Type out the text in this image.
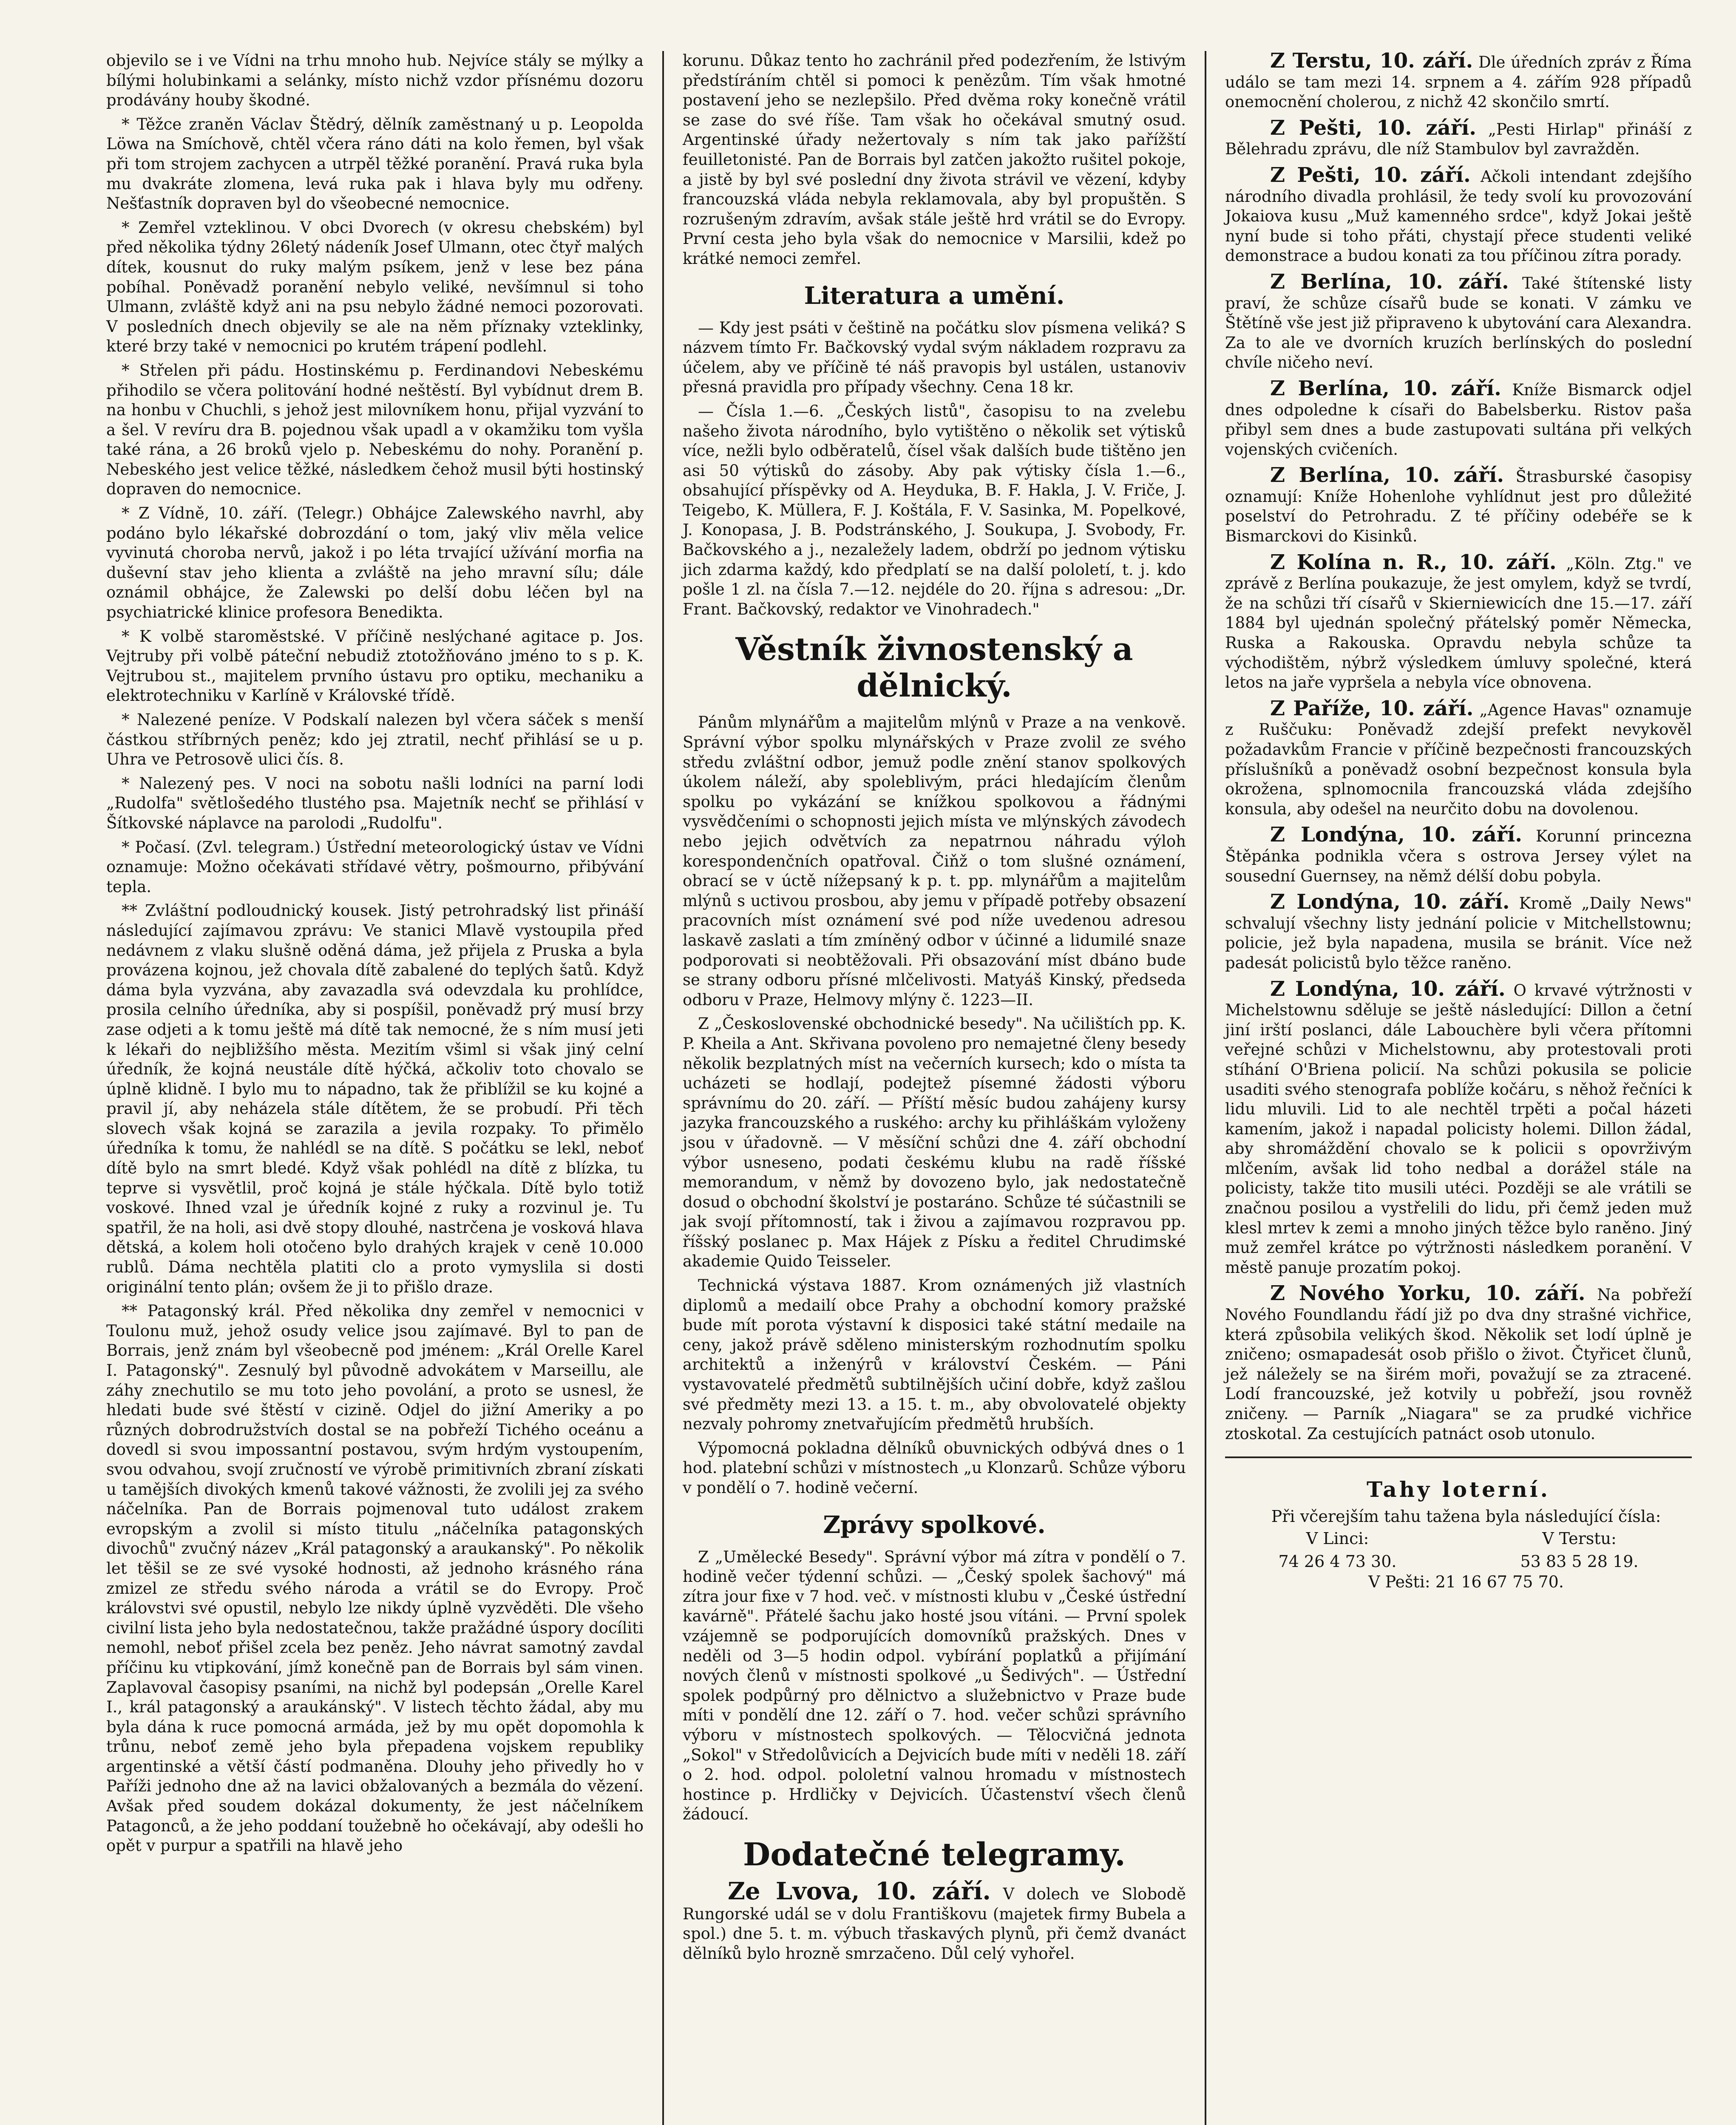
objevilo se i ve Vídni na trhu mnoho hub. Nejvíce stály se mýlky a bílými holubinkami a selánky, místo nichž vzdor přísnému dozoru prodávány houby škodné.

* Těžce zraněn Václav Štědrý, dělník zaměstnaný u p. Leopolda Löwa na Smíchově, chtěl včera ráno dáti na kolo řemen, byl však při tom strojem zachycen a utrpěl těžké poranění. Pravá ruka byla mu dvakráte zlomena, levá ruka pak i hlava byly mu odřeny. Nešťastník dopraven byl do všeobecné nemocnice.

* Zemřel vzteklinou. V obci Dvorech (v okresu chebském) byl před několika týdny 26letý nádeník Josef Ulmann, otec čtyř malých dítek, kousnut do ruky malým psíkem, jenž v lese bez pána pobíhal. Poněvadž poranění nebylo veliké, nevšímnul si toho Ulmann, zvláště když ani na psu nebylo žádné nemoci pozorovati. V posledních dnech objevily se ale na něm příznaky vzteklinky, které brzy také v nemocnici po krutém trápení podlehl.

* Střelen při pádu. Hostinskému p. Ferdinandovi Nebeskému přihodilo se včera politování hodné neštěstí. Byl vybídnut drem B. na honbu v Chuchli, s jehož jest milovníkem honu, přijal vyzvání to a šel. V revíru dra B. pojednou však upadl a v okamžiku tom vyšla také rána, a 26 broků vjelo p. Nebeskému do nohy. Poranění p. Nebeského jest velice těžké, následkem čehož musil býti hostinský dopraven do nemocnice.

* Z Vídně, 10. září. (Telegr.) Obhájce Zalewského navrhl, aby podáno bylo lékařské dobrozdání o tom, jaký vliv měla velice vyvinutá choroba nervů, jakož i po léta trvající užívání morfia na duševní stav jeho klienta a zvláště na jeho mravní sílu; dále oznámil obhájce, že Zalewski po delší dobu léčen byl na psychiatrické klinice profesora Benedikta.

* K volbě staroměstské. V příčině neslýchané agitace p. Jos. Vejtruby při volbě páteční nebudiž ztotožňováno jméno to s p. K. Vejtrubou st., majitelem prvního ústavu pro optiku, mechaniku a elektrotechniku v Karlíně v Královské třídě.

* Nalezené peníze. V Podskalí nalezen byl včera sáček s menší částkou stříbrných peněz; kdo jej ztratil, nechť přihlásí se u p. Uhra ve Petrosově ulici čís. 8.

* Nalezený pes. V noci na sobotu našli lodníci na parní lodi „Rudolfa" světlošedého tlustého psa. Majetník nechť se přihlásí v Šítkovské náplavce na parolodi „Rudolfu".

* Počasí. (Zvl. telegram.) Ústřední meteorologický ústav ve Vídni oznamuje: Možno očekávati střídavé větry, pošmourno, přibývání tepla.

** Zvláštní podloudnický kousek. Jistý petrohradský list přináší následující zajímavou zprávu: Ve stanici Mlavě vystoupila před nedávnem z vlaku slušně oděná dáma, jež přijela z Pruska a byla provázena kojnou, jež chovala dítě zabalené do teplých šatů. Když dáma byla vyzvána, aby zavazadla svá odevzdala ku prohlídce, prosila celního úředníka, aby si pospíšil, poněvadž prý musí brzy zase odjeti a k tomu ještě má dítě tak nemocné, že s ním musí jeti k lékaři do nejbližšího města. Mezitím všiml si však jiný celní úředník, že kojná neustále dítě hýčká, ačkoliv toto chovalo se úplně klidně. I bylo mu to nápadno, tak že přiblížil se ku kojné a pravil jí, aby neházela stále dítětem, že se probudí. Při těch slovech však kojná se zarazila a jevila rozpaky. To přimělo úředníka k tomu, že nahlédl se na dítě. S počátku se lekl, neboť dítě bylo na smrt bledé. Když však pohlédl na dítě z blízka, tu teprve si vysvětlil, proč kojná je stále hýčkala. Dítě bylo totiž voskové. Ihned vzal je úředník kojné z ruky a rozvinul je. Tu spatřil, že na holi, asi dvě stopy dlouhé, nastrčena je vosková hlava dětská, a kolem holi otočeno bylo drahých krajek v ceně 10.000 rublů. Dáma nechtěla platiti clo a proto vymyslila si dosti originální tento plán; ovšem že ji to přišlo draze.

** Patagonský král. Před několika dny zemřel v nemocnici v Toulonu muž, jehož osudy velice jsou zajímavé. Byl to pan de Borrais, jenž znám byl všeobecně pod jménem: „Král Orelle Karel I. Patagonský". Zesnulý byl původně advokátem v Marseillu, ale záhy znechutilo se mu toto jeho povolání, a proto se usnesl, že hledati bude své štěstí v cizině. Odjel do jižní Ameriky a po různých dobrodružstvích dostal se na pobřeží Tichého oceánu a dovedl si svou impossantní postavou, svým hrdým vystoupením, svou odvahou, svojí zručností ve výrobě primitivních zbraní získati u tamějších divokých kmenů takové vážnosti, že zvolili jej za svého náčelníka. Pan de Borrais pojmenoval tuto událost zrakem evropským a zvolil si místo titulu „náčelníka patagonských divochů" zvučný název „Král patagonský a araukanský". Po několik let těšil se ze své vysoké hodnosti, až jednoho krásného rána zmizel ze středu svého národa a vrátil se do Evropy. Proč královstvi své opustil, nebylo lze nikdy úplně vyzvěděti. Dle všeho civilní lista jeho byla nedostatečnou, takže pražádné úspory docíliti nemohl, neboť přišel zcela bez peněz. Jeho návrat samotný zavdal příčinu ku vtipkování, jímž konečně pan de Borrais byl sám vinen. Zaplavoval časopisy psaními, na nichž byl podepsán „Orelle Karel I., král patagonský a araukánský". V listech těchto žádal, aby mu byla dána k ruce pomocná armáda, jež by mu opět dopomohla k trůnu, neboť země jeho byla přepadena vojskem republiky argentinské a větší částí podmaněna. Dlouhy jeho přivedly ho v Paříži jednoho dne až na lavici obžalovaných a bezmála do vězení. Avšak před soudem dokázal dokumenty, že jest náčelníkem Patagonců, a že jeho poddaní toužebně ho očekávají, aby odešli ho opět v purpur a spatřili na hlavě jeho

korunu. Důkaz tento ho zachránil před podezřením, že lstivým předstíráním chtěl si pomoci k penězům. Tím však hmotné postavení jeho se nezlepšilo. Před dvěma roky konečně vrátil se zase do své říše. Tam však ho očekával smutný osud. Argentinské úřady nežertovaly s ním tak jako pařížští feuilletonisté. Pan de Borrais byl zatčen jakožto rušitel pokoje, a jistě by byl své poslední dny života strávil ve vězení, kdyby francouzská vláda nebyla reklamovala, aby byl propuštěn. S rozrušeným zdravím, avšak stále ještě hrd vrátil se do Evropy. První cesta jeho byla však do nemocnice v Marsilii, kdež po krátké nemoci zemřel.

Literatura a umění.

— Kdy jest psáti v češtině na počátku slov písmena veliká? S názvem tímto Fr. Bačkovský vydal svým nákladem rozpravu za účelem, aby ve příčině té náš pravopis byl ustálen, ustanoviv přesná pravidla pro případy všechny. Cena 18 kr.

— Čísla 1.—6. „Českých listů", časopisu to na zvelebu našeho života národního, bylo vytištěno o několik set výtisků více, nežli bylo odběratelů, čísel však dalších bude tištěno jen asi 50 výtisků do zásoby. Aby pak výtisky čísla 1.—6., obsahující příspěvky od A. Heyduka, B. F. Hakla, J. V. Friče, J. Teigebo, K. Müllera, F. J. Koštála, F. V. Sasinka, M. Popelkové, J. Konopasa, J. B. Podstránského, J. Soukupa, J. Svobody, Fr. Bačkovského a j., nezaležely ladem, obdrží po jednom výtisku jich zdarma každý, kdo předplatí se na další pololetí, t. j. kdo pošle 1 zl. na čísla 7.—12. nejdéle do 20. října s adresou: „Dr. Frant. Bačkovský, redaktor ve Vinohradech."

Věstník živnostenský a dělnický.

Pánům mlynářům a majitelům mlýnů v Praze a na venkově. Správní výbor spolku mlynářských v Praze zvolil ze svého středu zvláštní odbor, jemuž podle znění stanov spolkových úkolem náleží, aby spoleblivým, práci hledajícím členům spolku po vykázání se knížkou spolkovou a řádnými vysvědčeními o schopnosti jejich místa ve mlýnských závodech nebo jejich odvětvích za nepatrnou náhradu výloh korespondenčních opatřoval. Čiňž o tom slušné oznámení, obrací se v úctě nížepsaný k p. t. pp. mlynářům a majitelům mlýnů s uctivou prosbou, aby jemu v případě potřeby obsazení pracovních míst oznámení své pod níže uvedenou adresou laskavě zaslati a tím zmíněný odbor v účinné a lidumilé snaze podporovati si neobtěžovali. Při obsazování míst dbáno bude se strany odboru přísné mlčelivosti. Matyáš Kinský, předseda odboru v Praze, Helmovy mlýny č. 1223—II.

Z „Československé obchodnické besedy". Na učilištích pp. K. P. Kheila a Ant. Skřivana povoleno pro nemajetné členy besedy několik bezplatných míst na večerních kursech; kdo o místa ta ucházeti se hodlají, podejtež písemné žádosti výboru správnímu do 20. září. — Příští měsíc budou zahájeny kursy jazyka francouzského a ruského: archy ku přihláškám vyloženy jsou v úřadovně. — V měsíční schůzi dne 4. září obchodní výbor usneseno, podati českému klubu na radě říšské memorandum, v němž by dovozeno bylo, jak nedostatečně dosud o obchodní školství je postaráno. Schůze té súčastnili se jak svojí přítomností, tak i živou a zajímavou rozpravou pp. říšský poslanec p. Max Hájek z Písku a ředitel Chrudimské akademie Quido Teisseler.

Technická výstava 1887. Krom oznámených již vlastních diplomů a medailí obce Prahy a obchodní komory pražské bude mít porota výstavní k disposici také státní medaile na ceny, jakož právě sděleno ministerským rozhodnutím spolku architektů a inženýrů v království Českém. — Páni vystavovatelé předmětů subtilnějších učiní dobře, když zašlou své předměty mezi 13. a 15. t. m., aby obvolovatelé objekty nezvaly pohromy znetvařujícím předmětů hrubších.

Výpomocná pokladna dělníků obuvnických odbývá dnes o 1 hod. platební schůzi v místnostech „u Klonzarů. Schůze výboru v pondělí o 7. hodině večerní.

Zprávy spolkové.

Z „Umělecké Besedy". Správní výbor má zítra v pondělí o 7. hodině večer týdenní schůzi. — „Český spolek šachový" má zítra jour fixe v 7 hod. več. v místnosti klubu v „České ústřední kavárně". Přátelé šachu jako hosté jsou vítáni. — První spolek vzájemně se podporujících domovníků pražských. Dnes v neděli od 3—5 hodin odpol. vybírání poplatků a přijímání nových členů v místnosti spolkové „u Šedivých". — Ústřední spolek podpůrný pro dělnictvo a služebnictvo v Praze bude míti v pondělí dne 12. září o 7. hod. večer schůzi správního výboru v místnostech spolkových. — Tělocvičná jednota „Sokol" v Středolůvicích a Dejvicích bude míti v neděli 18. září o 2. hod. odpol. pololetní valnou hromadu v místnostech hostince p. Hrdličky v Dejvicích. Účastenství všech členů žádoucí.

Dodatečné telegramy.

Ze Lvova, 10. září. V dolech ve Slobodě Rungorské udál se v dolu Františkovu (majetek firmy Bubela a spol.) dne 5. t. m. výbuch třaskavých plynů, při čemž dvanáct dělníků bylo hrozně smrzačeno. Důl celý vyhořel.

Z Terstu, 10. září. Dle úředních zpráv z Říma událo se tam mezi 14. srpnem a 4. zářím 928 případů onemocnění cholerou, z nichž 42 skončilo smrtí.

Z Pešti, 10. září. „Pesti Hirlap" přináší z Bělehradu zprávu, dle níž Stambulov byl zavražděn.

Z Pešti, 10. září. Ačkoli intendant zdejšího národního divadla prohlásil, že tedy svolí ku provozování Jokaiova kusu „Muž kamenného srdce", když Jokai ještě nyní bude si toho přáti, chystají přece studenti veliké demonstrace a budou konati za tou příčinou zítra porady.

Z Berlína, 10. září. Také štítenské listy praví, že schůze císařů bude se konati. V zámku ve Štětíně vše jest již připraveno k ubytování cara Alexandra. Za to ale ve dvorních kruzích berlínských do poslední chvíle ničeho neví.

Z Berlína, 10. září. Kníže Bismarck odjel dnes odpoledne k císaři do Babelsberku. Ristov paša přibyl sem dnes a bude zastupovati sultána při velkých vojenských cvičeních.

Z Berlína, 10. září. Štrasburské časopisy oznamují: Kníže Hohenlohe vyhlídnut jest pro důležité poselství do Petrohradu. Z té příčiny odebéře se k Bismarckovi do Kisinků.

Z Kolína n. R., 10. září. „Köln. Ztg." ve zprávě z Berlína poukazuje, že jest omylem, když se tvrdí, že na schůzi tří císařů v Skierniewicích dne 15.—17. září 1884 byl ujednán společný přátelský poměr Německa, Ruska a Rakouska. Opravdu nebyla schůze ta východištěm, nýbrž výsledkem úmluvy společné, která letos na jaře vypršela a nebyla více obnovena.

Z Paříže, 10. září. „Agence Havas" oznamuje z Ruščuku: Poněvadž zdejší prefekt nevykověl požadavkům Francie v příčině bezpečnosti francouzských příslušníků a poněvadž osobní bezpečnost konsula byla okrožena, splnomocnila francouzská vláda zdejšího konsula, aby odešel na neurčito dobu na dovolenou.

Z Londýna, 10. září. Korunní princezna Štěpánka podnikla včera s ostrova Jersey výlet na sousední Guernsey, na němž délší dobu pobyla.

Z Londýna, 10. září. Kromě „Daily News" schvalují všechny listy jednání policie v Mitchellstownu; policie, jež byla napadena, musila se bránit. Více než padesát policistů bylo těžce raněno.

Z Londýna, 10. září. O krvavé výtržnosti v Michelstownu sděluje se ještě následující: Dillon a četní jiní irští poslanci, dále Labouchère byli včera přítomni veřejné schůzi v Michelstownu, aby protestovali proti stíhání O'Briena policií. Na schůzi pokusila se policie usaditi svého stenografa poblíže kočáru, s něhož řečníci k lidu mluvili. Lid to ale nechtěl trpěti a počal házeti kamením, jakož i napadal policisty holemi. Dillon žádal, aby shromáždění chovalo se k policii s opovrživým mlčením, avšak lid toho nedbal a dorážel stále na policisty, takže tito musili utéci. Později se ale vrátili se značnou posilou a vystřelili do lidu, při čemž jeden muž klesl mrtev k zemi a mnoho jiných těžce bylo raněno. Jiný muž zemřel krátce po výtržnosti následkem poranění. V městě panuje prozatím pokoj.

Z Nového Yorku, 10. září. Na pobřeží Nového Foundlandu řádí již po dva dny strašné vichřice, která způsobila velikých škod. Několik set lodí úplně je zničeno; osmapadesát osob přišlo o život. Čtyřicet člunů, jež náležely se na širém moři, považují se za ztracené. Lodí francouzské, jež kotvily u pobřeží, jsou rovněž zničeny. — Parník „Niagara" se za prudké vichřice ztoskotal. Za cestujících patnáct osob utonulo.

Tahy loterní.

Při včerejším tahu tažena byla následující čísla:

V Linci:	V Terstu:
74 26 4 73 30.	53 83 5 28 19.

V Pešti: 21 16 67 75 70.
